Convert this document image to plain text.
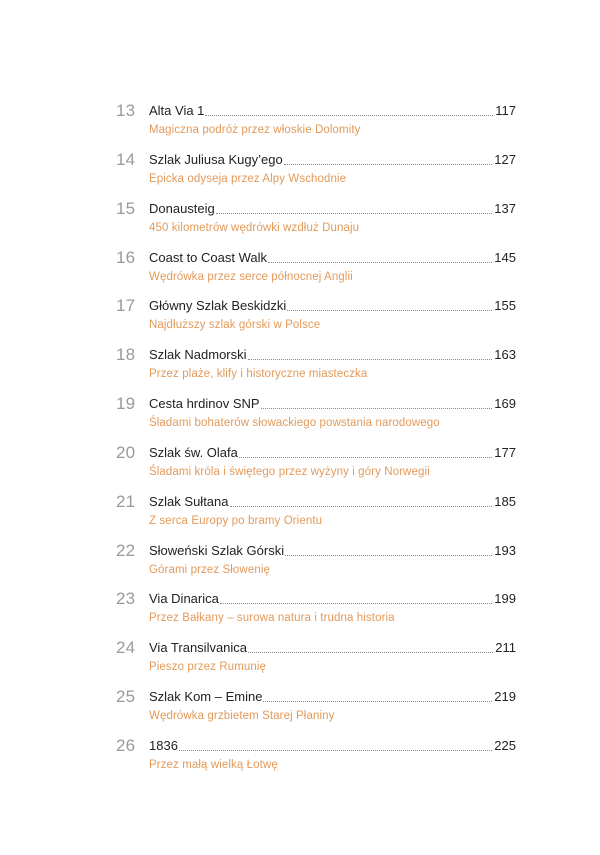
13 Alta Via 1	117
Magiczna podróż przez włoskie Dolomity
14 Szlak Juliusa Kugy’ego	127
Epicka odyseja przez Alpy Wschodnie
15 Donausteig	137
450 kilometrów wędrówki wzdłuż Dunaju
16 Coast to Coast Walk	145
Wędrówka przez serce północnej Anglii
17 Główny Szlak Beskidzki	155
Najdłuższy szlak górski w Polsce
18 Szlak Nadmorski	163
Przez plaże, klify i historyczne miasteczka
19 Cesta hrdinov SNP	169
Śladami bohaterów słowackiego powstania narodowego
20 Szlak św. Olafa	177
Śladami króla i świętego przez wyżyny i góry Norwegii
21 Szlak Sułtana	185
Z serca Europy po bramy Orientu
22 Słoweński Szlak Górski	193
Górami przez Słowenię
23 Via Dinarica	199
Przez Bałkany – surowa natura i trudna historia
24 Via Transilvanica	211
Pieszo przez Rumunię
25 Szlak Kom – Emine	219
Wędrówka grzbietem Starej Płaniny
26 1836	225
Przez małą wielką Łotwę
